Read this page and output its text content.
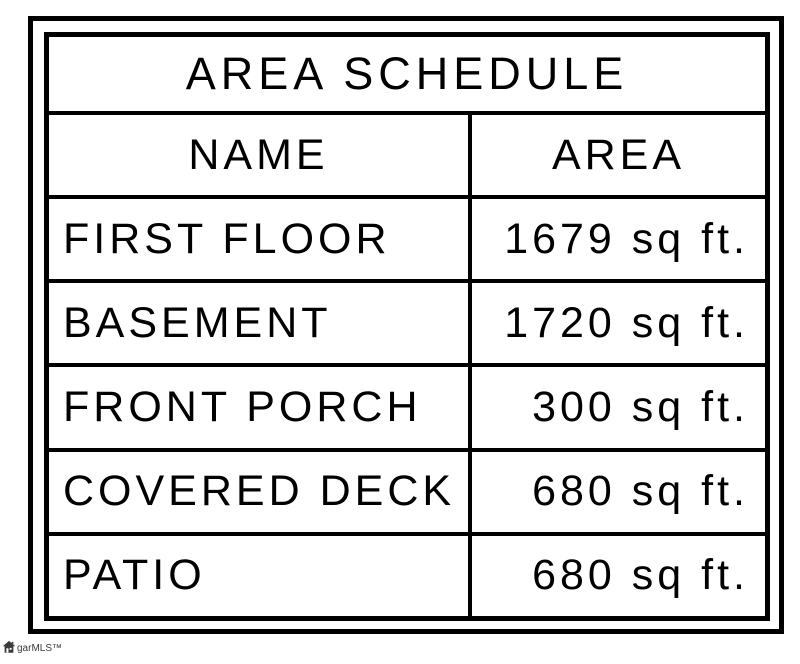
AREA SCHEDULE
NAME	AREA
FIRST FLOOR	1679 sq ft.
BASEMENT	1720 sq ft.
FRONT PORCH	300 sq ft.
COVERED DECK	680 sq ft.
PATIO	680 sq ft.
garMLS™
